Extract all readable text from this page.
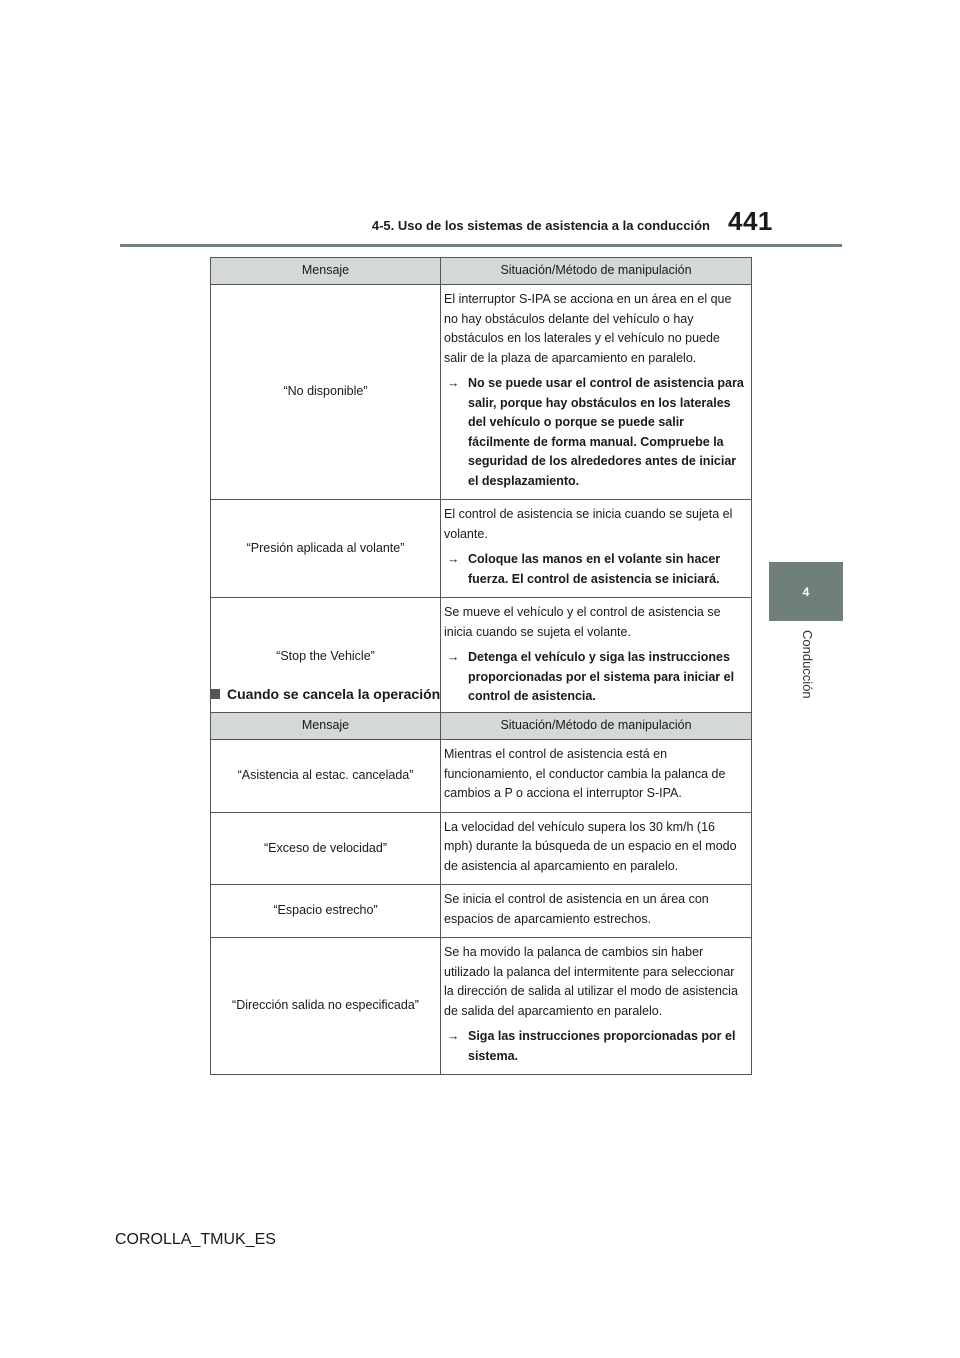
4-5. Uso de los sistemas de asistencia a la conducción 441
4
Conducción
Mensaje	Situación/Método de manipulación
“No disponible”	El interruptor S-IPA se acciona en un área en el que no hay obstáculos delante del vehículo o hay obstáculos en los laterales y el vehículo no puede salir de la plaza de aparcamiento en paralelo.

→ No se puede usar el control de asistencia para salir, porque hay obstáculos en los laterales del vehículo o porque se puede salir fácilmente de forma manual. Compruebe la seguridad de los alrededores antes de iniciar el desplazamiento.

“Presión aplicada al volante”	El control de asistencia se inicia cuando se sujeta el volante.

→ Coloque las manos en el volante sin hacer fuerza. El control de asistencia se iniciará.

“Stop the Vehicle”	Se mueve el vehículo y el control de asistencia se inicia cuando se sujeta el volante.

→ Detenga el vehículo y siga las instrucciones proporcionadas por el sistema para iniciar el control de asistencia.
Cuando se cancela la operación
Mensaje	Situación/Método de manipulación
“Asistencia al estac. cancelada”	Mientras el control de asistencia está en funcionamiento, el conductor cambia la palanca de cambios a P o acciona el interruptor S-IPA.

“Exceso de velocidad”	La velocidad del vehículo supera los 30 km/h (16 mph) durante la búsqueda de un espacio en el modo de asistencia al aparcamiento en paralelo.

“Espacio estrecho”	Se inicia el control de asistencia en un área con espacios de aparcamiento estrechos.

“Dirección salida no especificada”	Se ha movido la palanca de cambios sin haber utilizado la palanca del intermitente para seleccionar la dirección de salida al utilizar el modo de asistencia de salida del aparcamiento en paralelo.

→ Siga las instrucciones proporcionadas por el sistema.
COROLLA_TMUK_ES
